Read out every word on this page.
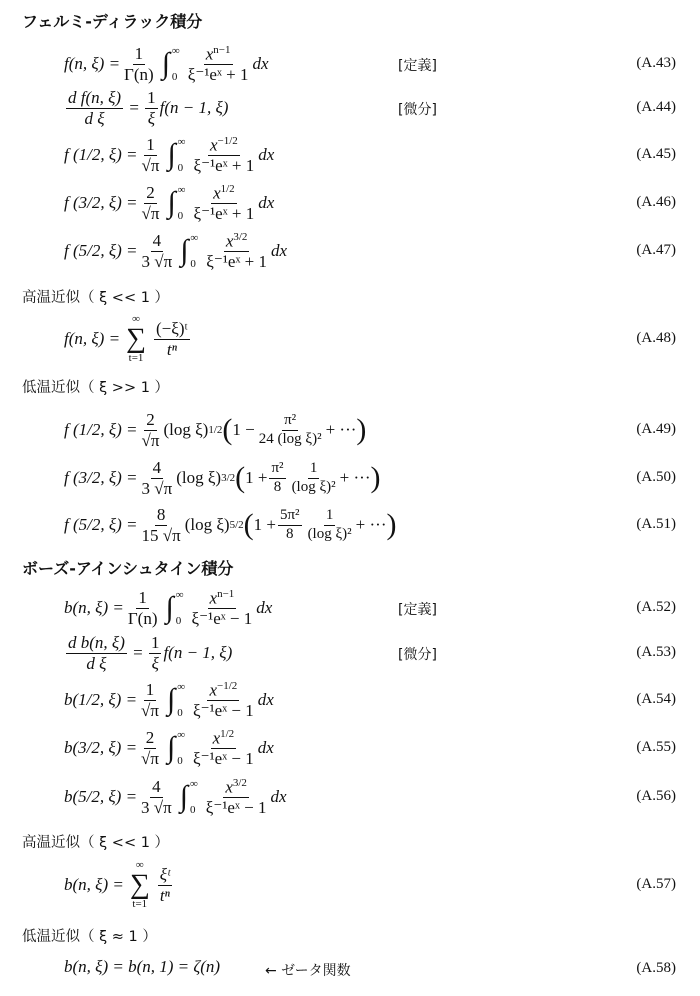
フェルミ-ディラック積分
f(n, $\xi) = \frac{1}{\Gamma(n)}$ ∫ ∞
$0 \frac{x^{n-1}}{\text{ξ⁻¹eˣ + 1}}$ dx	[定義]	(A.43)
$\frac{\text{d f(n, ξ)}}{\text{d ξ}} = \frac{1}{\xi} f(n - 1$, ξ)	[微分]	(A.44)
f (1/2, $\xi) = \frac{1}{√\pi}$ ∫ ∞
$0 \frac{x^{-1/2}}{\text{ξ⁻¹eˣ + 1}}$ dx	(A.45)
f (3/2, $\xi) = \frac{2}{√\pi}$ ∫ ∞
$0 \frac{x^{1/2}}{\text{ξ⁻¹eˣ + 1}}$ dx	(A.46)
f (5/2, $\xi) = \frac{4}{3 √\pi}$ ∫ ∞
$0 \frac{x^{3/2}}{\text{ξ⁻¹eˣ + 1}}$ dx	(A.47)
高温近似（ ξ << 1 ）
f(n, ξ) =
∞
∑
$t=1 \frac{\text{(−ξ)ᵗ}}{\text{tⁿ}}$	(A.48)
低温近似（ ξ >> 1 ）
f (1/2, $\xi) = \frac{2}{√\pi} (\log$ ξ) 1/2 ( $1 - \frac{\text{π²}}{\text{24 (log ξ)²}}$ + ··· )	(A.49)
f (3/2, $\xi) = \frac{4}{3 √\pi} (\log$ ξ) 3/2 ( $1 + \frac{\text{π²}}{8} \frac{1}{\text{(log ξ)²}}$ + ··· )	(A.50)
f (5/2, $\xi) = \frac{8}{15 √\pi} (\log$ ξ) 5/2 ( $1 + \frac{\text{5π²}}{8} \frac{1}{\text{(log ξ)²}}$ + ··· )	(A.51)
ボーズ-アインシュタイン積分
b(n, $\xi) = \frac{1}{\Gamma(n)}$ ∫ ∞
$0 \frac{x^{n-1}}{\text{ξ⁻¹eˣ − 1}}$ dx	[定義]	(A.52)
$\frac{\text{d b(n, ξ)}}{\text{d ξ}} = \frac{1}{\xi} f(n - 1$, ξ)	[微分]	(A.53)
b(1/2, $\xi) = \frac{1}{√\pi}$ ∫ ∞
$0 \frac{x^{-1/2}}{\text{ξ⁻¹eˣ − 1}}$ dx	(A.54)
b(3/2, $\xi) = \frac{2}{√\pi}$ ∫ ∞
$0 \frac{x^{1/2}}{\text{ξ⁻¹eˣ − 1}}$ dx	(A.55)
b(5/2, $\xi) = \frac{4}{3 √\pi}$ ∫ ∞
$0 \frac{x^{3/2}}{\text{ξ⁻¹eˣ − 1}}$ dx	(A.56)
高温近似（ ξ << 1 ）
b(n, ξ) =
∞
∑
$t=1 \frac{\text{ξᵗ}}{\text{tⁿ}}$	(A.57)
低温近似（ ξ ≈ 1 ）
b(n, ξ) = b(n, 1) = ζ(n)	← ゼータ関数	(A.58)
